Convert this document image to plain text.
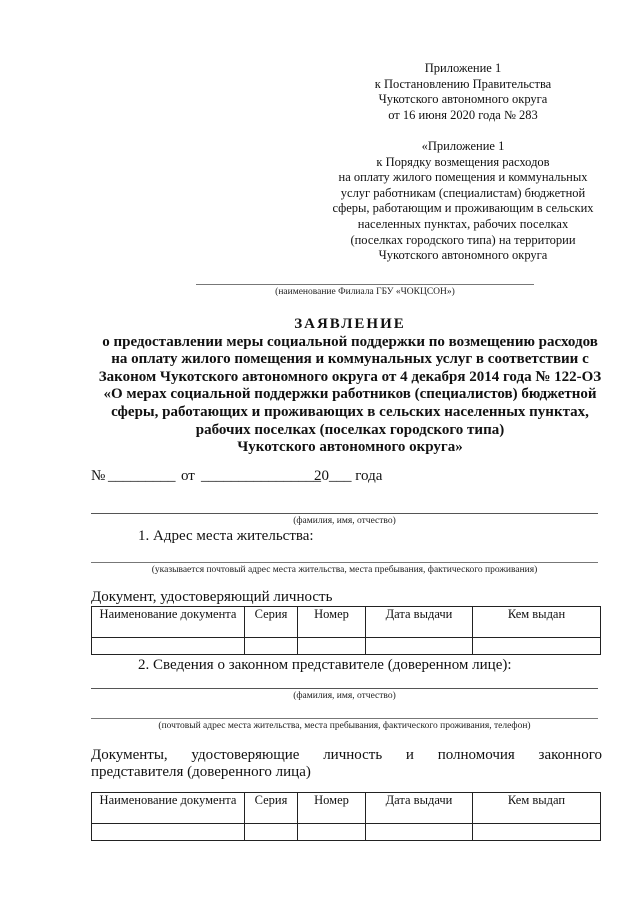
Приложение 1
к Постановлению Правительства
Чукотского автономного округа
от 16 июня 2020 года № 283
«Приложение 1
к Порядку возмещения расходов
на оплату жилого помещения и коммунальных
услуг работникам (специалистам) бюджетной
сферы, работающим и проживающим в сельских
населенных пунктах, рабочих поселках
(поселках городского типа) на территории
Чукотского автономного округа
(наименование Филиала ГБУ «ЧОКЦСОН»)
ЗАЯВЛЕНИЕ
о предоставлении меры социальной поддержки по возмещению расходов
на оплату жилого помещения и коммунальных услуг в соответствии с
Законом Чукотского автономного округа от 4 декабря 2014 года № 122-ОЗ
«О мерах социальной поддержки работников (специалистов) бюджетной
сферы, работающих и проживающих в сельских населенных пунктах,
рабочих поселках (поселках городского типа)
Чукотского автономного округа»
№ _________ от ________________
20___ года
(фамилия, имя, отчество)
1. Адрес места жительства:
(указывается почтовый адрес места жительства, места пребывания, фактического проживания)
Документ, удостоверяющий личность
Наименование документа	Серия	Номер	Дата выдачи	Кем выдан

2. Сведения о законном представителе (доверенном лице):
(фамилия, имя, отчество)
(почтовый адрес места жительства, места пребывания, фактического проживания, телефон)
Документы, удостоверяющие личность и полномочия законного
представителя (доверенного лица)
Наименование документа	Серия	Номер	Дата выдачи	Кем выдап
